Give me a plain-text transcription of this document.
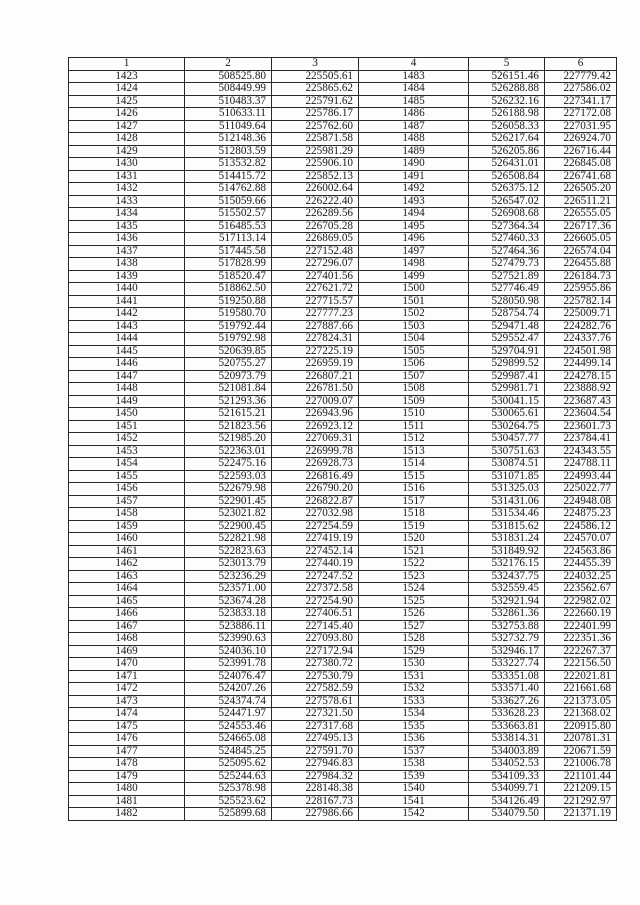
1	2	3	4	5	6
1423	508525.80	225505.61	1483	526151.46	227779.42
1424	508449.99	225865.62	1484	526288.88	227586.02
1425	510483.37	225791.62	1485	526232.16	227341.17
1426	510633.11	225786.17	1486	526188.98	227172.08
1427	511049.64	225762.60	1487	526058.33	227031.95
1428	512148.36	225871.58	1488	526217.64	226924.70
1429	512803.59	225981.29	1489	526205.86	226716.44
1430	513532.82	225906.10	1490	526431.01	226845.08
1431	514415.72	225852.13	1491	526508.84	226741.68
1432	514762.88	226002.64	1492	526375.12	226505.20
1433	515059.66	226222.40	1493	526547.02	226511.21
1434	515502.57	226289.56	1494	526908.68	226555.05
1435	516485.53	226705.28	1495	527364.34	226717.36
1436	517113.14	226869.05	1496	527460.33	226605.05
1437	517445.58	227152.48	1497	527464.36	226574.04
1438	517828.99	227296.07	1498	527479.73	226455.88
1439	518520.47	227401.56	1499	527521.89	226184.73
1440	518862.50	227621.72	1500	527746.49	225955.86
1441	519250.88	227715.57	1501	528050.98	225782.14
1442	519580.70	227777.23	1502	528754.74	225009.71
1443	519792.44	227887.66	1503	529471.48	224282.76
1444	519792.98	227824.31	1504	529552.47	224337.76
1445	520639.85	227225.19	1505	529704.91	224501.98
1446	520755.27	226959.19	1506	529899.52	224499.14
1447	520973.79	226807.21	1507	529987.41	224278.15
1448	521081.84	226781.50	1508	529981.71	223888.92
1449	521293.36	227009.07	1509	530041.15	223687.43
1450	521615.21	226943.96	1510	530065.61	223604.54
1451	521823.56	226923.12	1511	530264.75	223601.73
1452	521985.20	227069.31	1512	530457.77	223784.41
1453	522363.01	226999.78	1513	530751.63	224343.55
1454	522475.16	226928.73	1514	530874.51	224788.11
1455	522593.03	226816.49	1515	531071.85	224993.44
1456	522679.98	226790.20	1516	531325.03	225022.77
1457	522901.45	226822.87	1517	531431.06	224948.08
1458	523021.82	227032.98	1518	531534.46	224875.23
1459	522900.45	227254.59	1519	531815.62	224586.12
1460	522821.98	227419.19	1520	531831.24	224570.07
1461	522823.63	227452.14	1521	531849.92	224563.86
1462	523013.79	227440.19	1522	532176.15	224455.39
1463	523236.29	227247.52	1523	532437.75	224032.25
1464	523571.00	227372.58	1524	532559.45	223562.67
1465	523674.28	227254.90	1525	532921.94	222982.02
1466	523833.18	227406.51	1526	532861.36	222660.19
1467	523886.11	227145.40	1527	532753.88	222401.99
1468	523990.63	227093.80	1528	532732.79	222351.36
1469	524036.10	227172.94	1529	532946.17	222267.37
1470	523991.78	227380.72	1530	533227.74	222156.50
1471	524076.47	227530.79	1531	533351.08	222021.81
1472	524207.26	227582.59	1532	533571.40	221661.68
1473	524374.74	227578.61	1533	533627.26	221373.05
1474	524471.97	227321.50	1534	533628.23	221368.02
1475	524553.46	227317.68	1535	533663.81	220915.80
1476	524665.08	227495.13	1536	533814.31	220781.31
1477	524845.25	227591.70	1537	534003.89	220671.59
1478	525095.62	227946.83	1538	534052.53	221006.78
1479	525244.63	227984.32	1539	534109.33	221101.44
1480	525378.98	228148.38	1540	534099.71	221209.15
1481	525523.62	228167.73	1541	534126.49	221292.97
1482	525899.68	227986.66	1542	534079.50	221371.19
